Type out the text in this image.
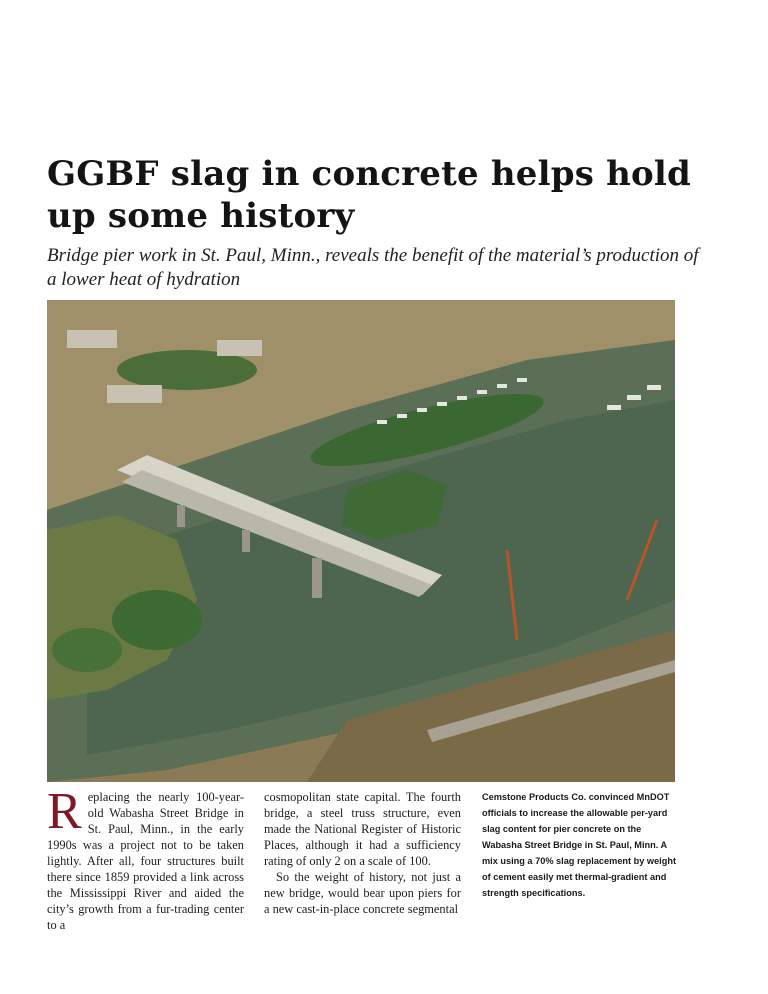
GGBF slag in concrete helps hold up some history

Bridge pier work in St. Paul, Minn., reveals the benefit of the material’s production of a lower heat of hydration

Replacing the nearly 100-year-old Wabasha Street Bridge in St. Paul, Minn., in the early 1990s was a project not to be taken lightly. After all, four structures built there since 1859 provided a link across the Mississippi River and aided the city’s growth from a fur-trading center to a

cosmopolitan state capital. The fourth bridge, a steel truss structure, even made the National Register of Historic Places, although it had a sufficiency rating of only 2 on a scale of 100.
So the weight of history, not just a new bridge, would bear upon piers for a new cast-in-place concrete segmental

Cemstone Products Co. convinced MnDOT officials to increase the allowable per-yard slag content for pier concrete on the Wabasha Street Bridge in St. Paul, Minn. A mix using a 70% slag replacement by weight of cement easily met thermal-gradient and strength specifications.
